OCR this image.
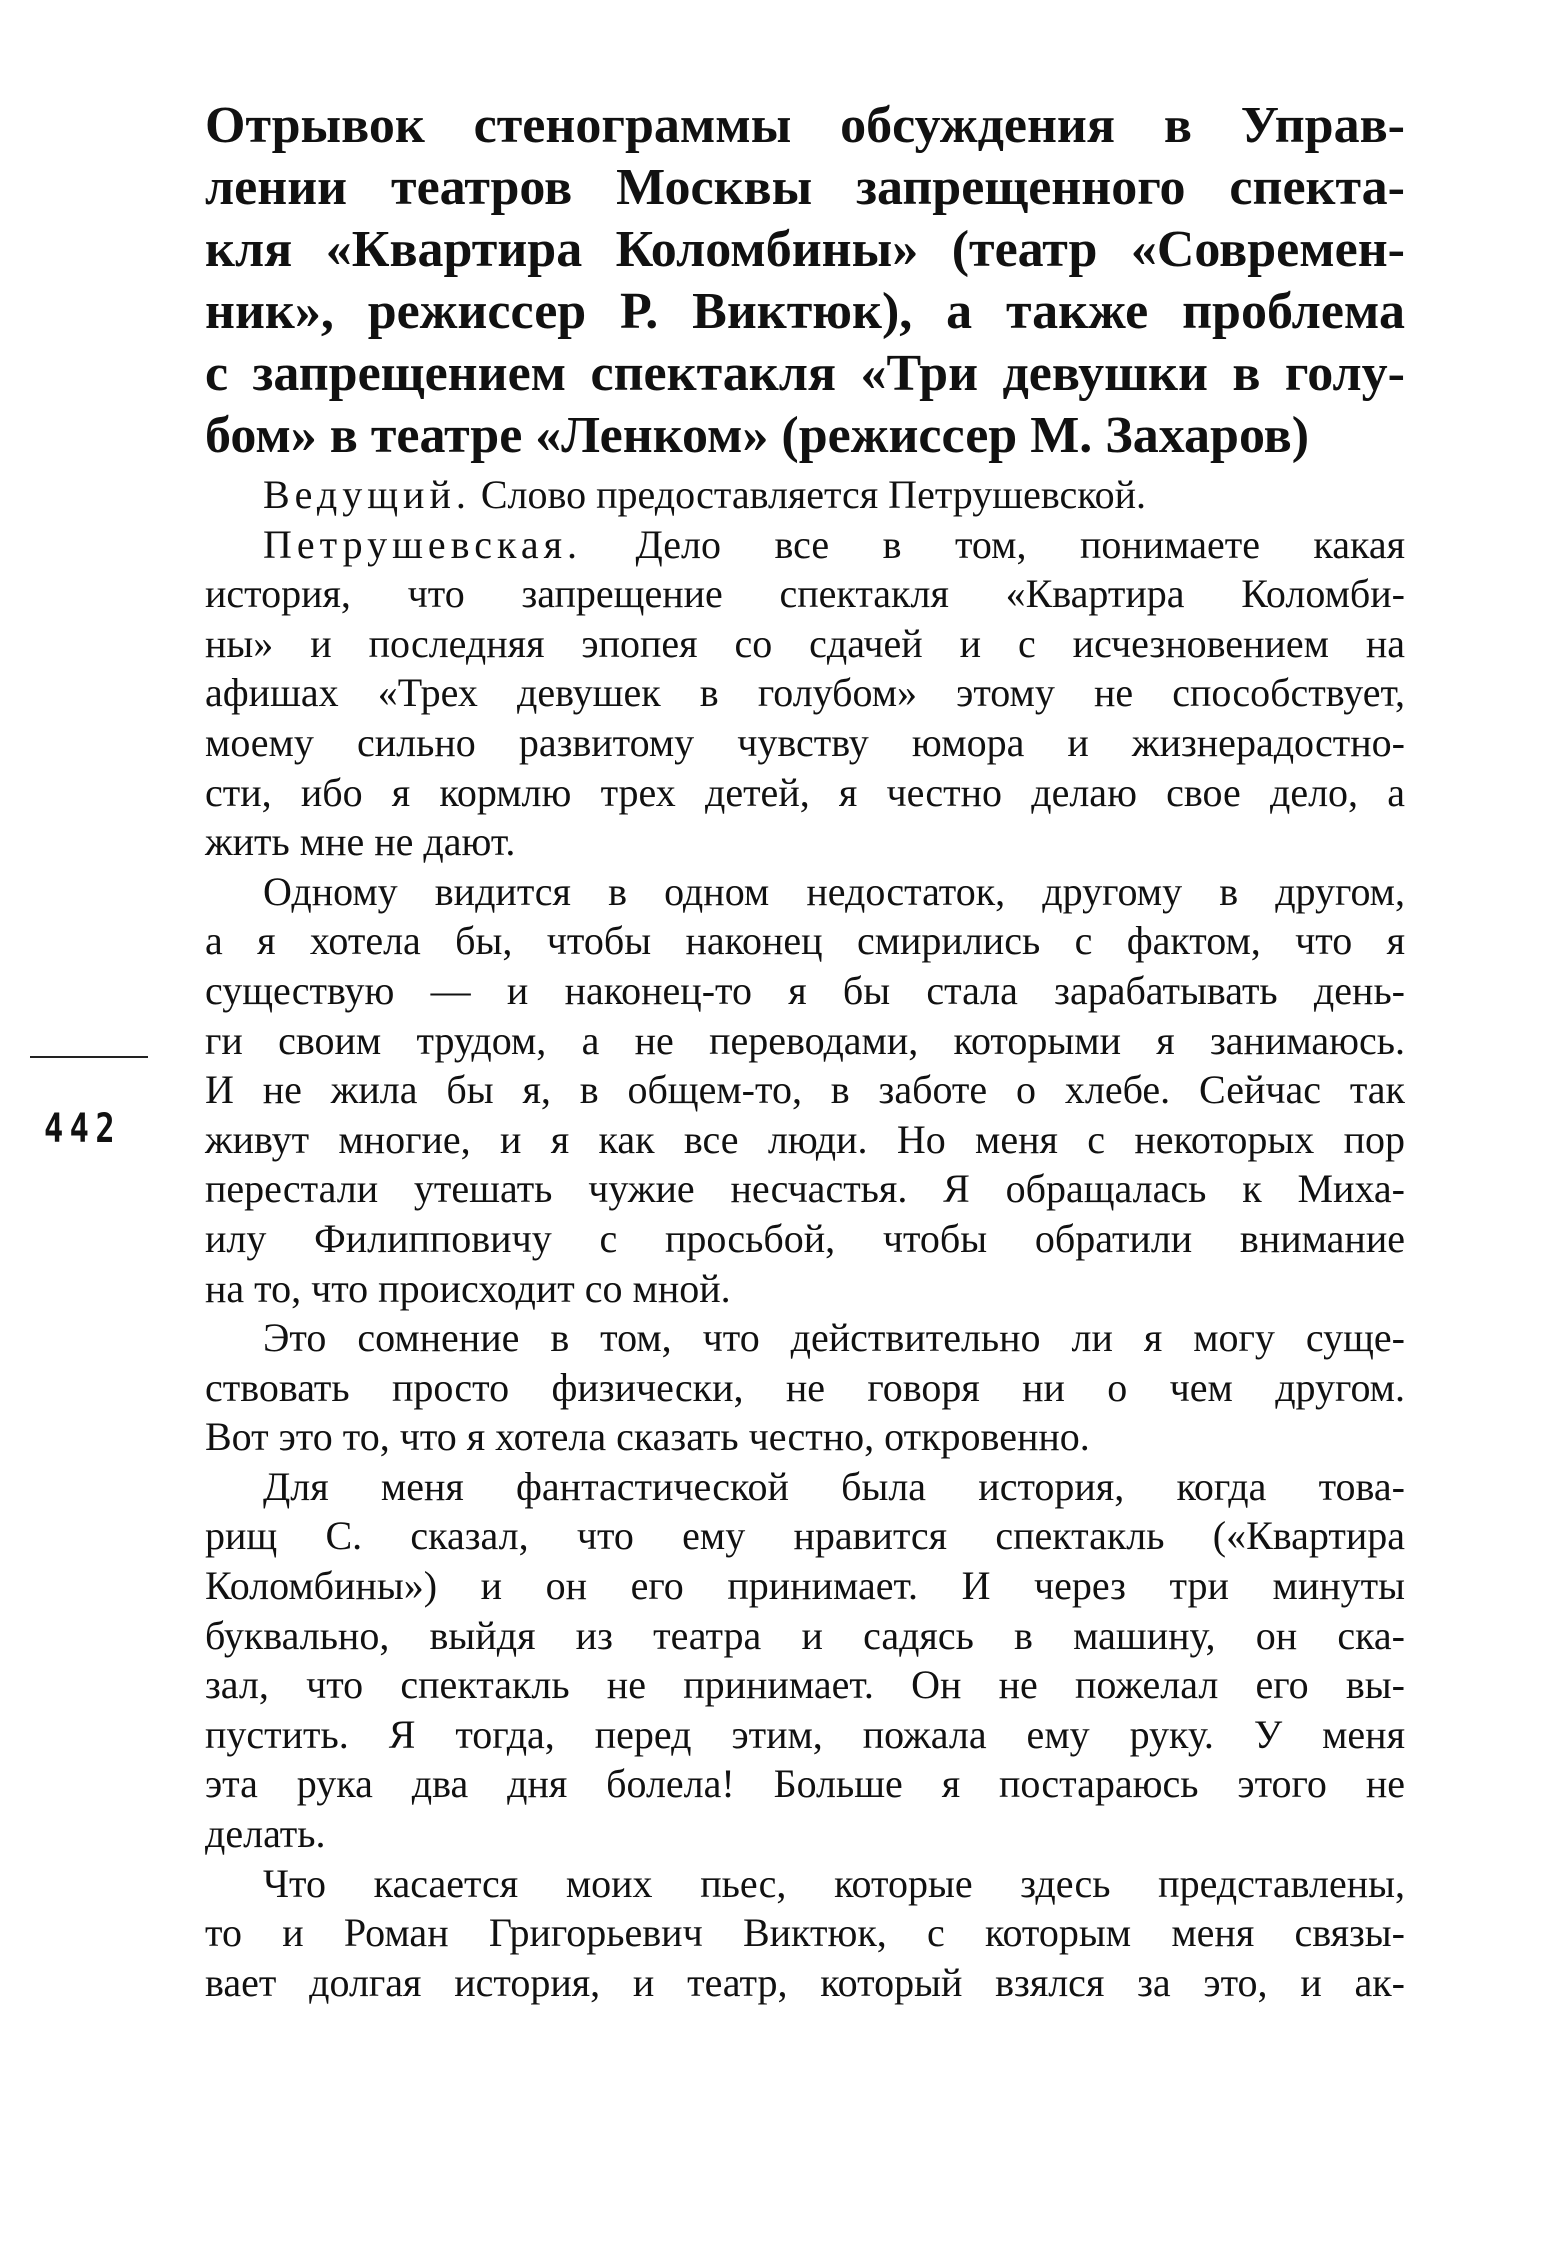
Отрывок стенограммы обсуждения в Управ-
лении театров Москвы запрещенного спекта-
кля «Квартира Коломбины» (театр «Современ-
ник», режиссер Р. Виктюк), а также проблема
с запрещением спектакля «Три девушки в голу-
бом» в театре «Ленком» (режиссер М. Захаров)
442
Ведущий. Слово предоставляется Петрушевской.
Петрушевская. Дело все в том, понимаете какая
история, что запрещение спектакля «Квартира Коломби-
ны» и последняя эпопея со сдачей и с исчезновением на
афишах «Трех девушек в голубом» этому не способствует,
моему сильно развитому чувству юмора и жизнерадостно-
сти, ибо я кормлю трех детей, я честно делаю свое дело, а
жить мне не дают.
Одному видится в одном недостаток, другому в другом,
а я хотела бы, чтобы наконец смирились с фактом, что я
существую — и наконец-то я бы стала зарабатывать день-
ги своим трудом, а не переводами, которыми я занимаюсь.
И не жила бы я, в общем-то, в заботе о хлебе. Сейчас так
живут многие, и я как все люди. Но меня с некоторых пор
перестали утешать чужие несчастья. Я обращалась к Миха-
илу Филипповичу с просьбой, чтобы обратили внимание
на то, что происходит со мной.
Это сомнение в том, что действительно ли я могу суще-
ствовать просто физически, не говоря ни о чем другом.
Вот это то, что я хотела сказать честно, откровенно.
Для меня фантастической была история, когда това-
рищ С. сказал, что ему нравится спектакль («Квартира
Коломбины») и он его принимает. И через три минуты
буквально, выйдя из театра и садясь в машину, он ска-
зал, что спектакль не принимает. Он не пожелал его вы-
пустить. Я тогда, перед этим, пожала ему руку. У меня
эта рука два дня болела! Больше я постараюсь этого не
делать.
Что касается моих пьес, которые здесь представлены,
то и Роман Григорьевич Виктюк, с которым меня связы-
вает долгая история, и театр, который взялся за это, и ак-
